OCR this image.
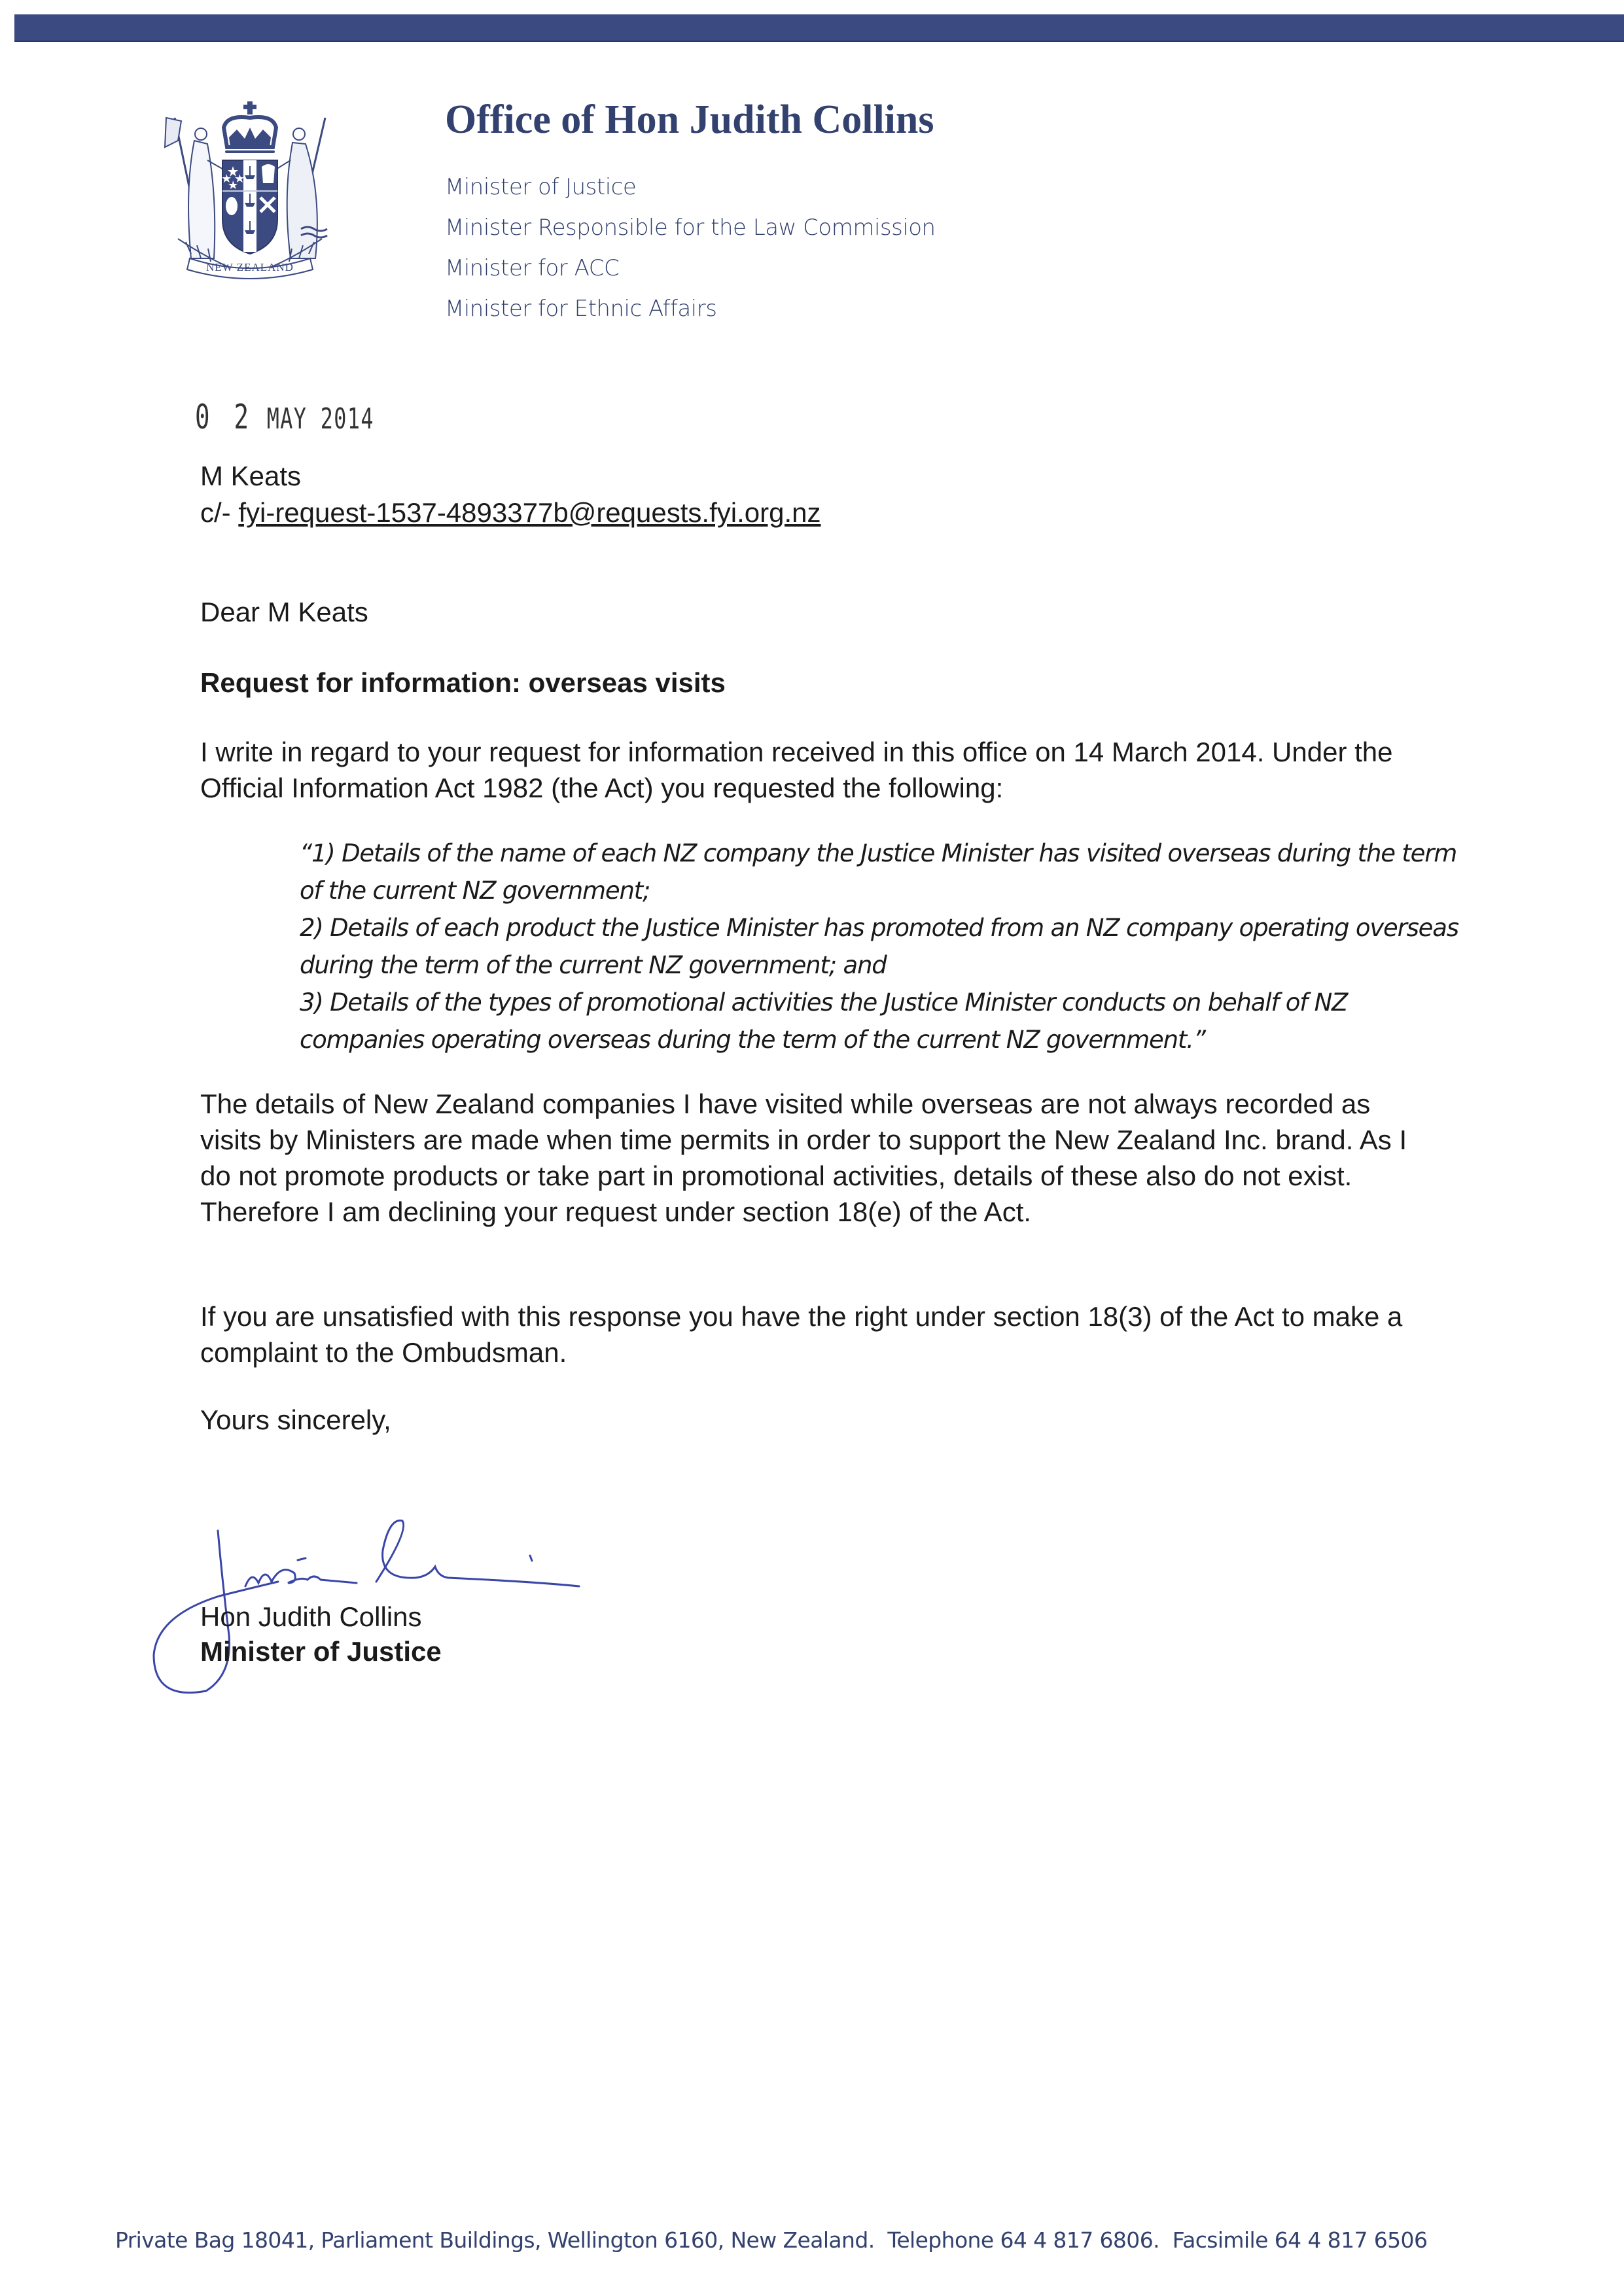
NEW ZEALAND
Office of Hon Judith Collins
Minister of Justice
Minister Responsible for the Law Commission
Minister for ACC
Minister for Ethnic Affairs
0 2 MAY 2014
M Keats
c/- fyi-request-1537-4893377b@requests.fyi.org.nz
Dear M Keats
Request for information: overseas visits
I write in regard to your request for information received in this office on 14 March 2014. Under the Official Information Act 1982 (the Act) you requested the following:
“1) Details of the name of each NZ company the Justice Minister has visited overseas during the term of the current NZ government;
2) Details of each product the Justice Minister has promoted from an NZ company operating overseas during the term of the current NZ government; and
3) Details of the types of promotional activities the Justice Minister conducts on behalf of NZ companies operating overseas during the term of the current NZ government.”
The details of New Zealand companies I have visited while overseas are not always recorded as visits by Ministers are made when time permits in order to support the New Zealand Inc. brand. As I do not promote products or take part in promotional activities, details of these also do not exist. Therefore I am declining your request under section 18(e) of the Act.
If you are unsatisfied with this response you have the right under section 18(3) of the Act to make a complaint to the Ombudsman.
Yours sincerely,
Hon Judith Collins
Minister of Justice
Private Bag 18041, Parliament Buildings, Wellington 6160, New Zealand.  Telephone 64 4 817 6806.  Facsimile 64 4 817 6506
